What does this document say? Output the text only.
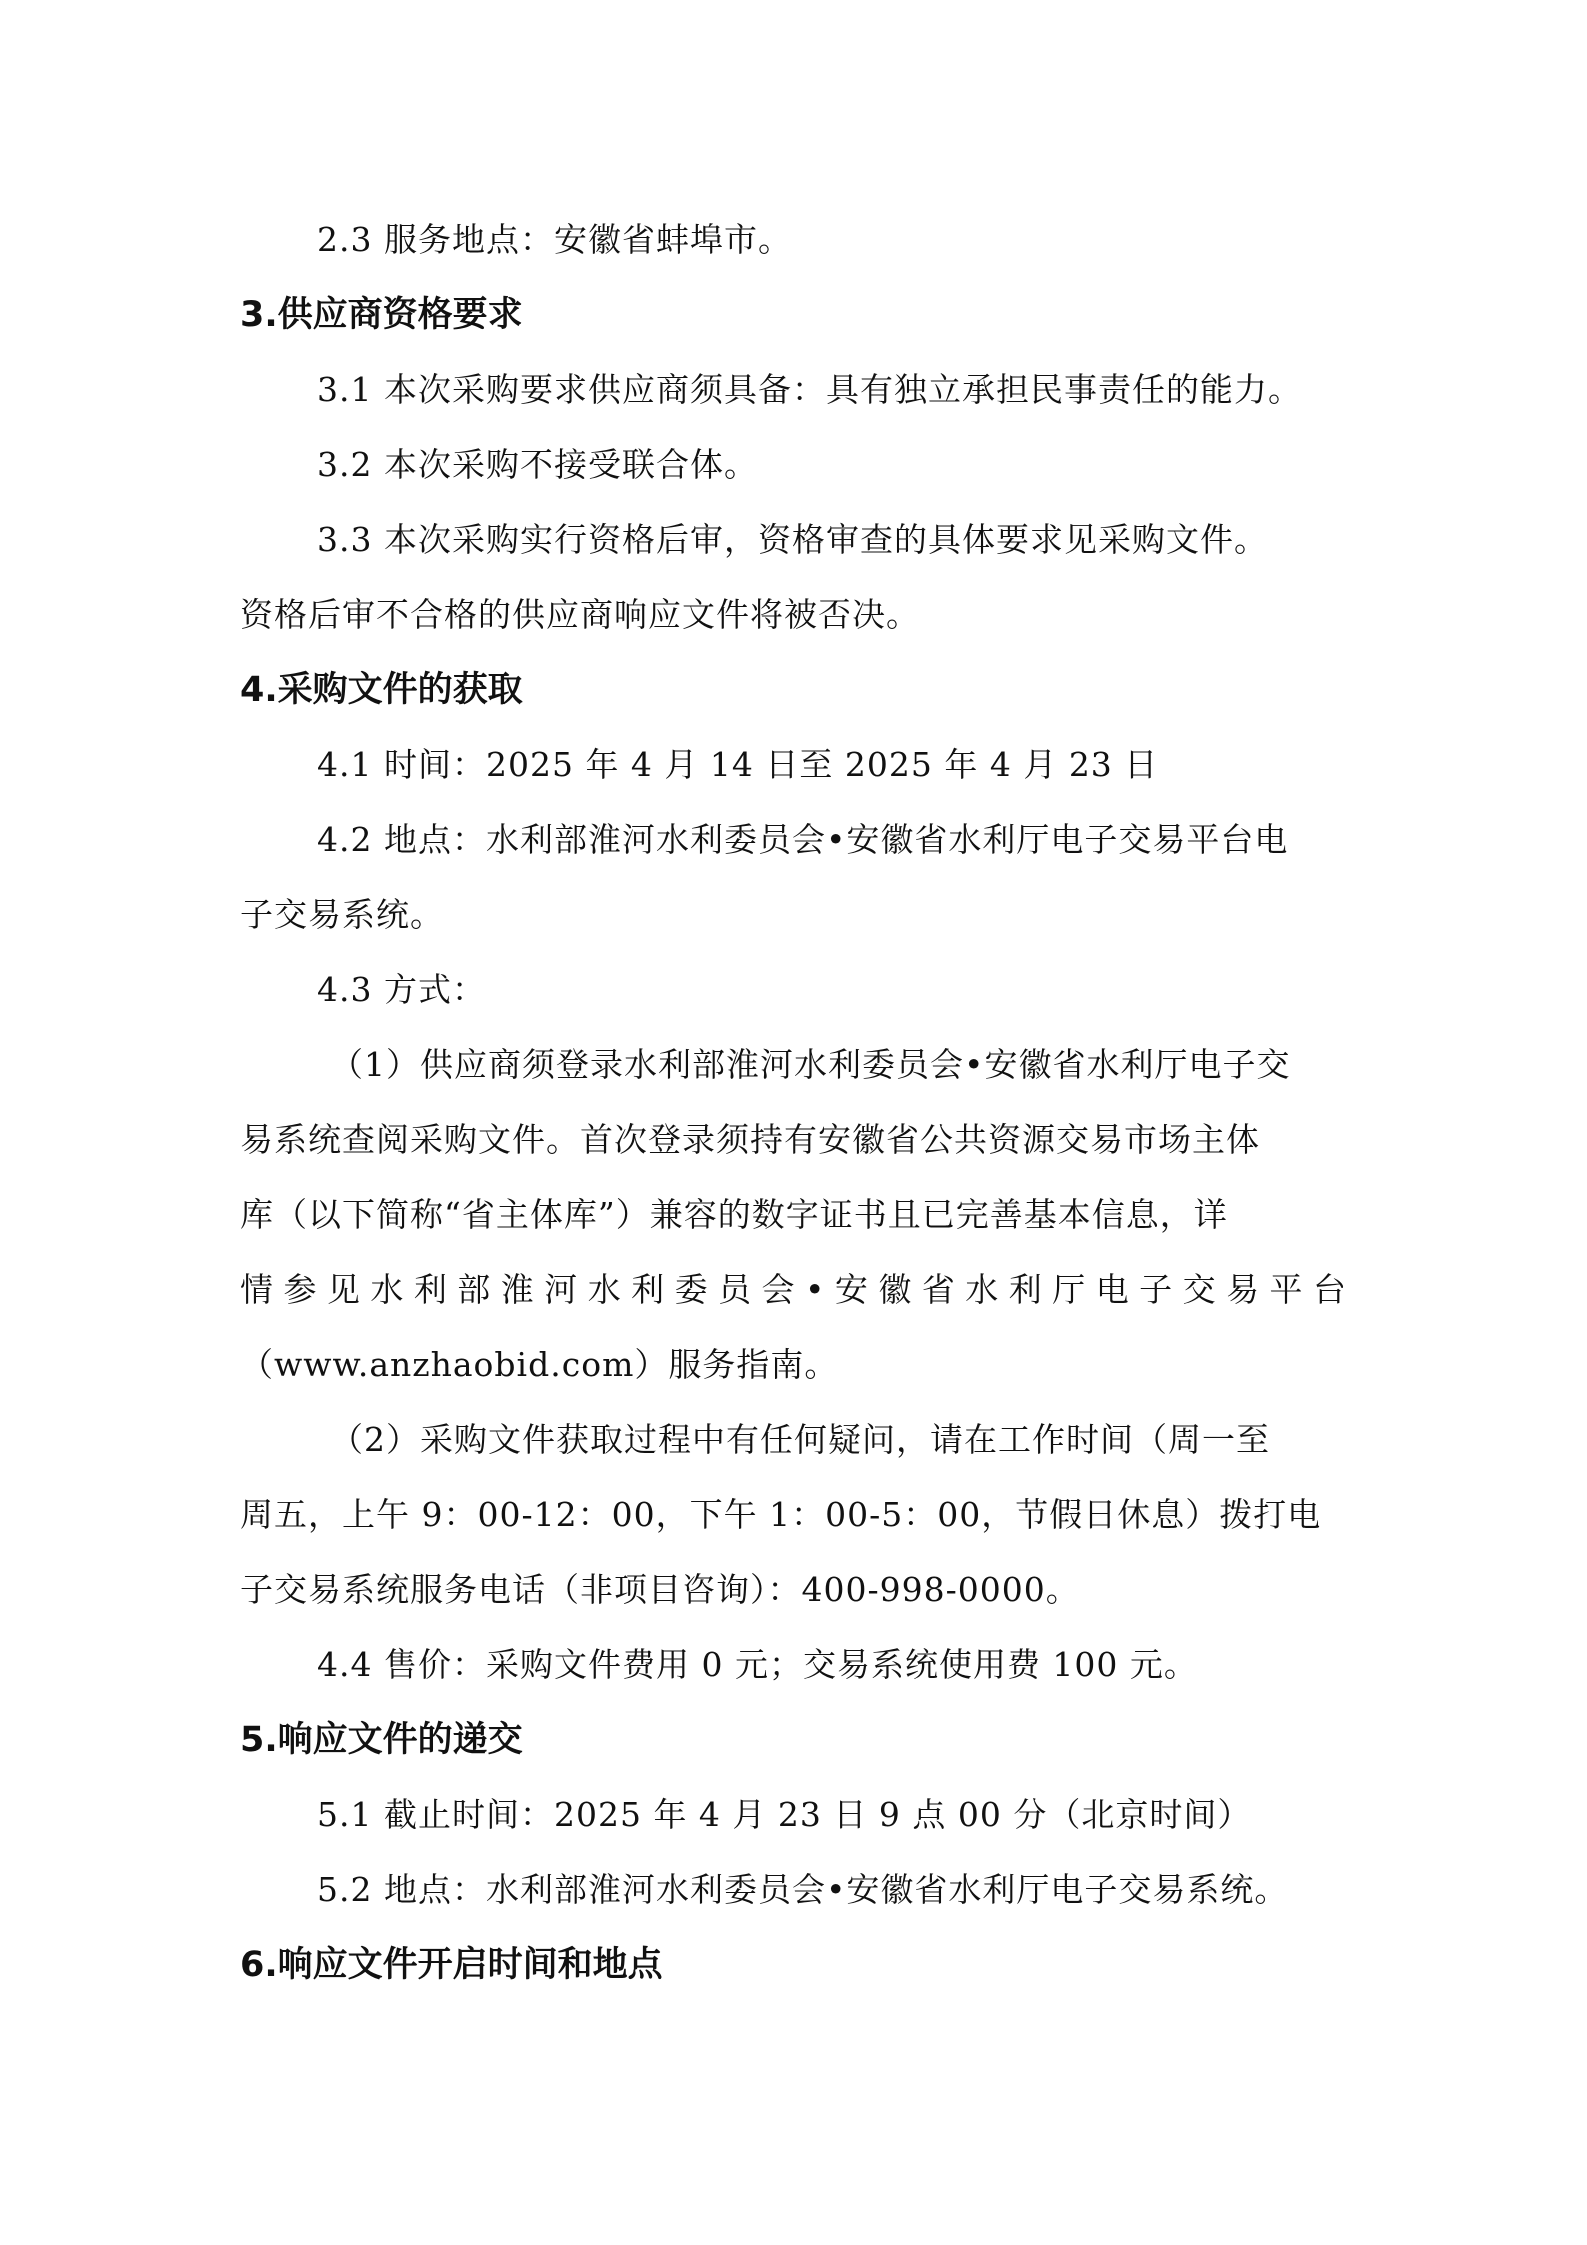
2.3 服务地点：安徽省蚌埠市。
3.供应商资格要求
3.1 本次采购要求供应商须具备：具有独立承担民事责任的能力。
3.2 本次采购不接受联合体。
3.3 本次采购实行资格后审，资格审查的具体要求见采购文件。
资格后审不合格的供应商响应文件将被否决。
4.采购文件的获取
4.1 时间：2025 年 4 月 14 日至 2025 年 4 月 23 日
4.2 地点：水利部淮河水利委员会•安徽省水利厅电子交易平台电
子交易系统。
4.3 方式：
（1）供应商须登录水利部淮河水利委员会•安徽省水利厅电子交
易系统查阅采购文件。首次登录须持有安徽省公共资源交易市场主体
库（以下简称“省主体库”）兼容的数字证书且已完善基本信息，详
情参见水利部淮河水利委员会•安徽省水利厅电子交易平台
（www.anzhaobid.com）服务指南。
（2）采购文件获取过程中有任何疑问，请在工作时间（周一至
周五，上午 9：00-12：00，下午 1：00-5：00，节假日休息）拨打电
子交易系统服务电话（非项目咨询）：400-998-0000。
4.4 售价：采购文件费用 0 元；交易系统使用费 100 元。
5.响应文件的递交
5.1 截止时间：2025 年 4 月 23 日 9 点 00 分（北京时间）
5.2 地点：水利部淮河水利委员会•安徽省水利厅电子交易系统。
6.响应文件开启时间和地点
